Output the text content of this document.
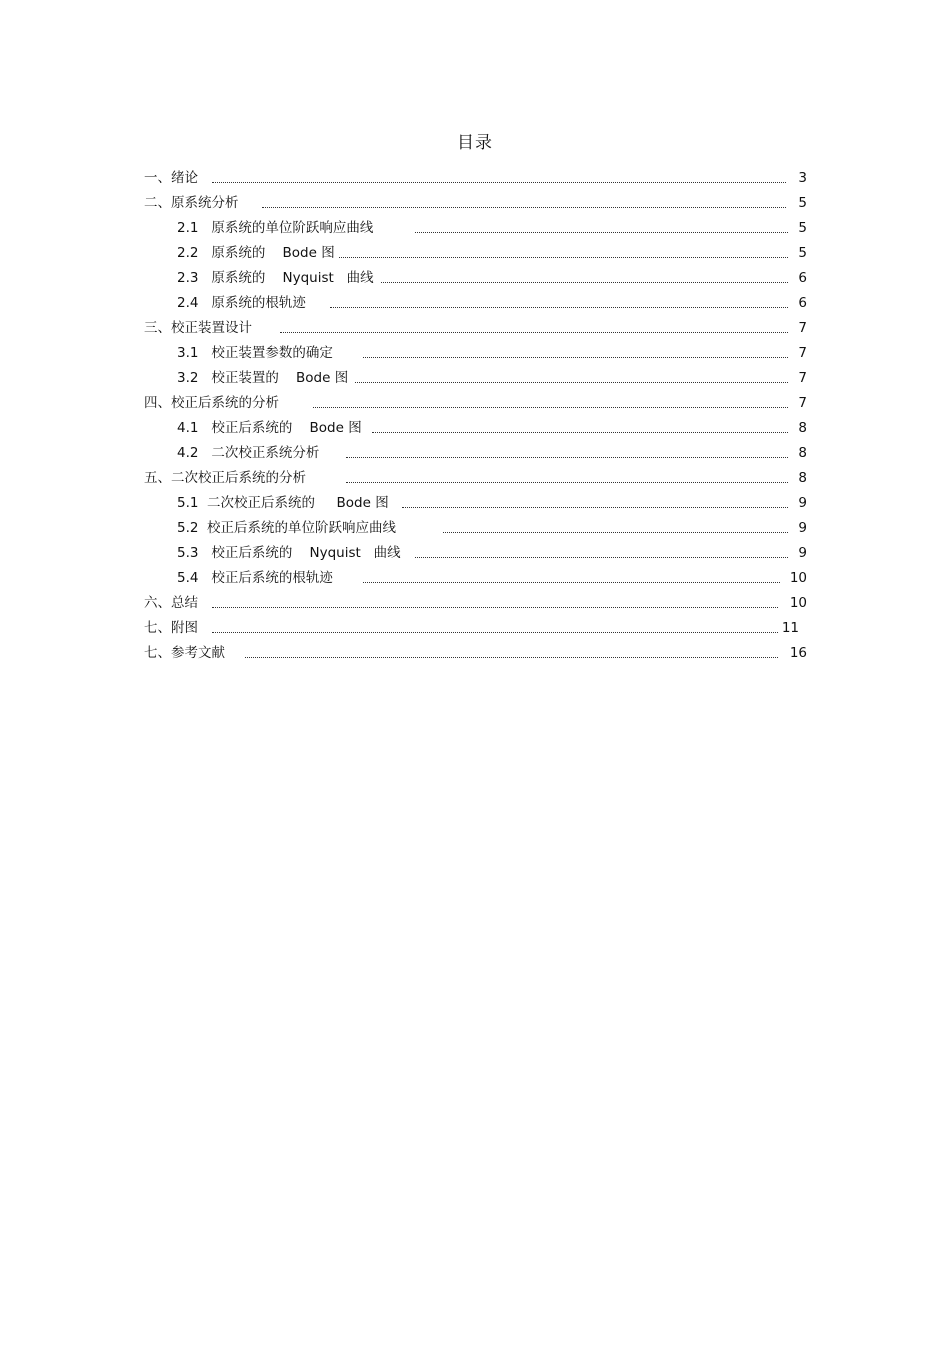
目录
一、绪论	3
二、原系统分析	5
2.1   原系统的单位阶跃响应曲线	5
2.2   原系统的    Bode 图	5
2.3   原系统的    Nyquist   曲线	6
2.4   原系统的根轨迹	6
三、校正装置设计	7
3.1   校正装置参数的确定	7
3.2   校正装置的    Bode 图	7
四、校正后系统的分析	7
4.1   校正后系统的    Bode 图	8
4.2   二次校正系统分析	8
五、二次校正后系统的分析	8
5.1  二次校正后系统的     Bode 图	9
5.2  校正后系统的单位阶跃响应曲线	9
5.3   校正后系统的    Nyquist   曲线	9
5.4   校正后系统的根轨迹	10
六、总结	10
七、附图	11
七、参考文献	16
